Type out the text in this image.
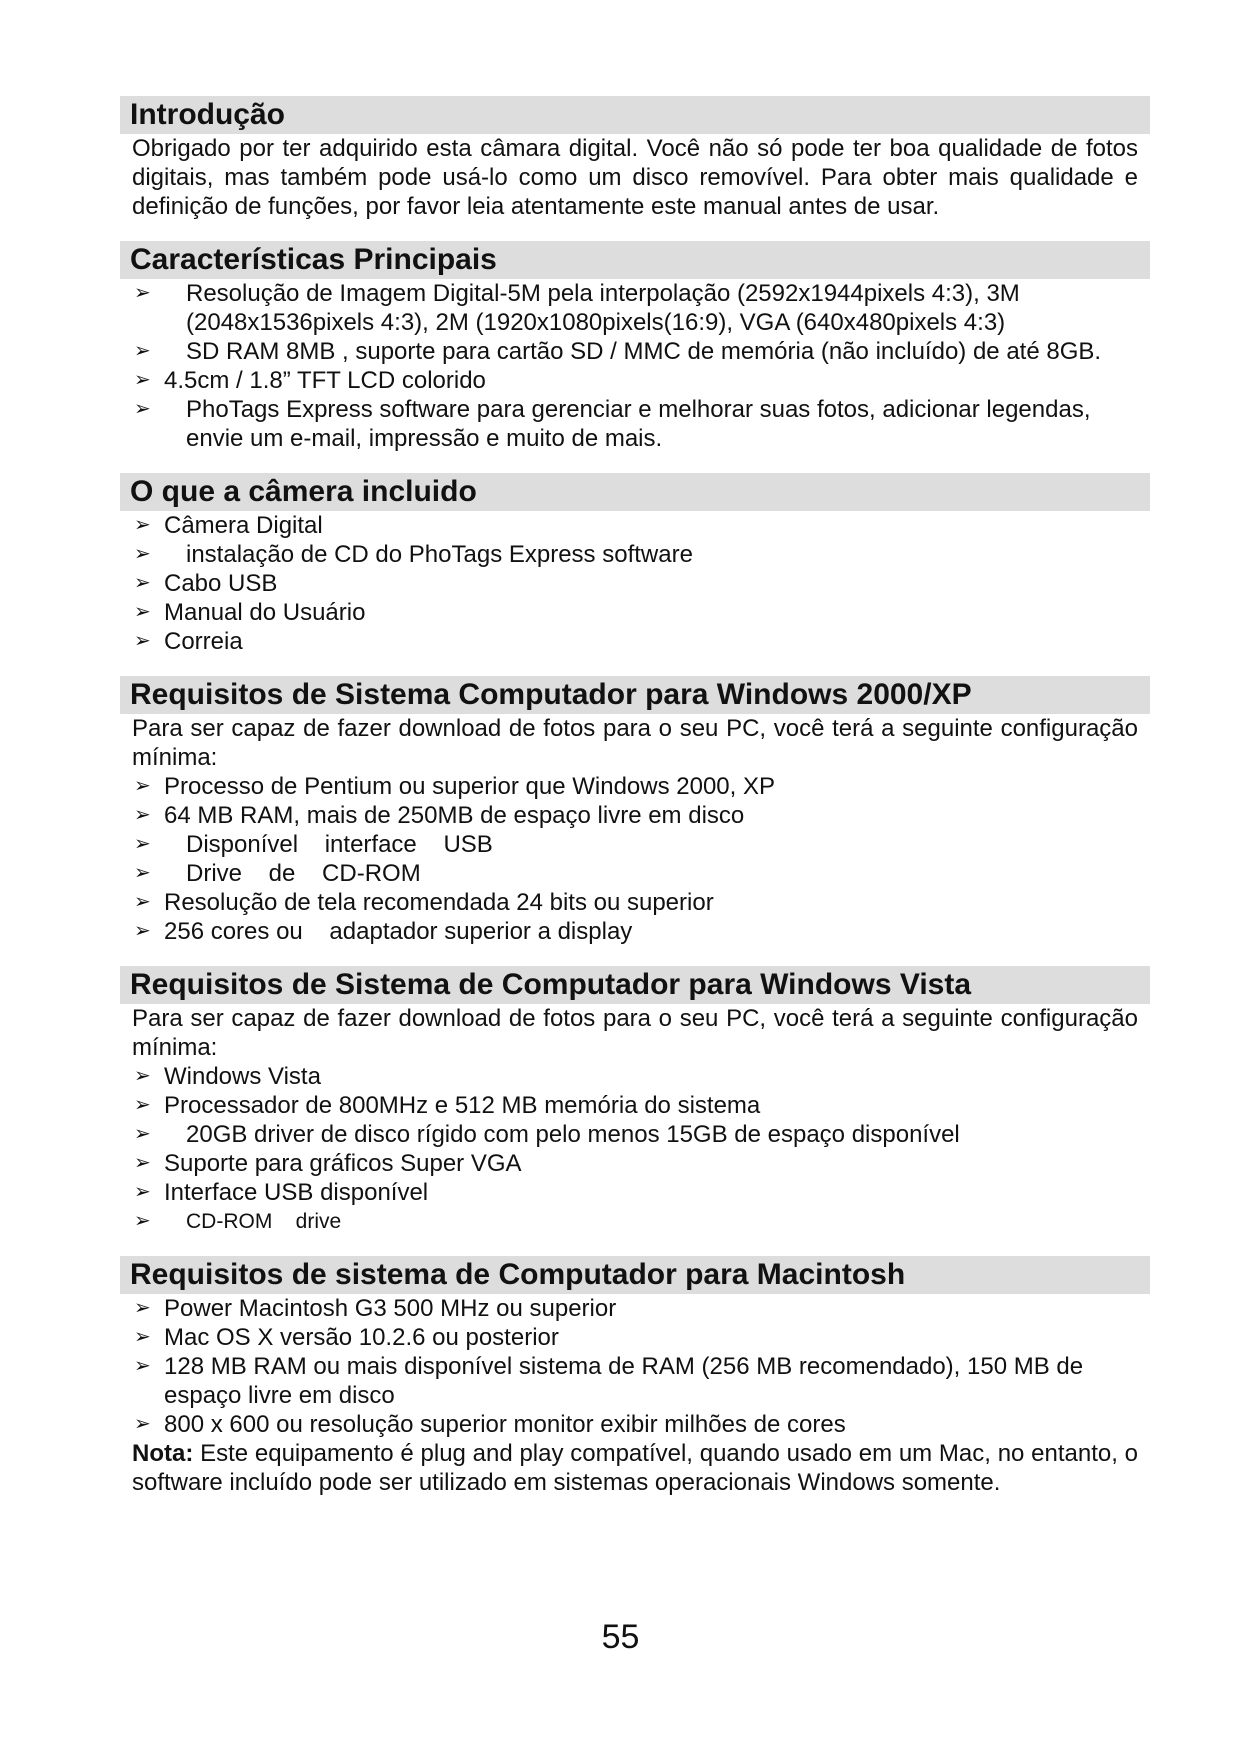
Introdução

Obrigado por ter adquirido esta câmara digital. Você não só pode ter boa qualidade de fotos digitais, mas também pode usá-lo como um disco removível. Para obter mais qualidade e definição de funções, por favor leia atentamente este manual antes de usar.

Características Principais
➢ Resolução de Imagem Digital-5M pela interpolação (2592x1944pixels 4:3), 3M (2048x1536pixels 4:3), 2M (1920x1080pixels(16:9), VGA (640x480pixels 4:3)
➢ SD RAM 8MB , suporte para cartão SD / MMC de memória (não incluído) de até 8GB.
➢ 4.5cm / 1.8” TFT LCD colorido
➢ PhoTags Express software para gerenciar e melhorar suas fotos, adicionar legendas, envie um e-mail, impressão e muito de mais.
O que a câmera incluido
➢ Câmera Digital
➢ instalação de CD do PhoTags Express software
➢ Cabo USB
➢ Manual do Usuário
➢ Correia
Requisitos de Sistema Computador para Windows 2000/XP

Para ser capaz de fazer download de fotos para o seu PC, você terá a seguinte configuração mínima:

➢ Processo de Pentium ou superior que Windows 2000, XP
➢ 64 MB RAM, mais de 250MB de espaço livre em disco
➢ Disponível    interface    USB
➢ Drive    de    CD-ROM
➢ Resolução de tela recomendada 24 bits ou superior
➢ 256 cores ou    adaptador superior a display
Requisitos de Sistema de Computador para Windows Vista

Para ser capaz de fazer download de fotos para o seu PC, você terá a seguinte configuração mínima:

➢ Windows Vista
➢ Processador de 800MHz e 512 MB memória do sistema
➢ 20GB driver de disco rígido com pelo menos 15GB de espaço disponível
➢ Suporte para gráficos Super VGA
➢ Interface USB disponível
➢ CD-ROM    drive
Requisitos de sistema de Computador para Macintosh
➢ Power Macintosh G3 500 MHz ou superior
➢ Mac OS X versão 10.2.6 ou posterior
➢ 128 MB RAM ou mais disponível sistema de RAM (256 MB recomendado), 150 MB de espaço livre em disco
➢ 800 x 600 ou resolução superior monitor exibir milhões de cores

Nota: Este equipamento é plug and play compatível, quando usado em um Mac, no entanto, o software incluído pode ser utilizado em sistemas operacionais Windows somente.

55
